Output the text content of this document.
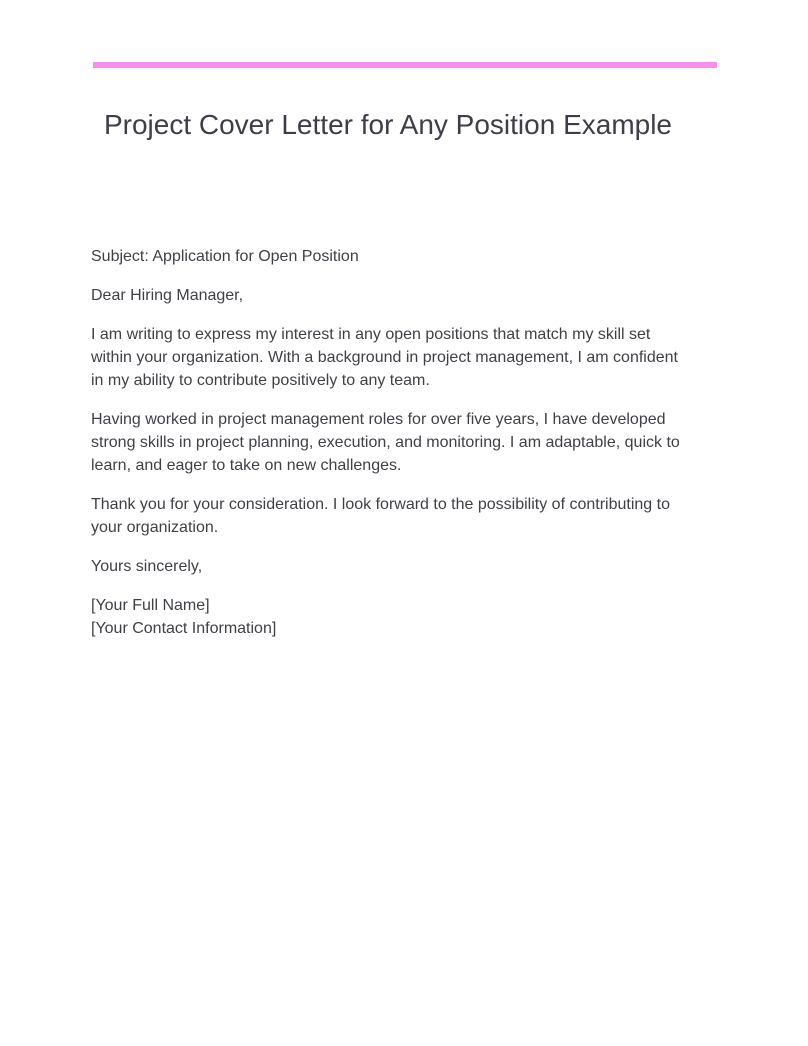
Project Cover Letter for Any Position Example

Subject: Application for Open Position

Dear Hiring Manager,

I am writing to express my interest in any open positions that match my skill set within your organization. With a background in project management, I am confident in my ability to contribute positively to any team.

Having worked in project management roles for over five years, I have developed strong skills in project planning, execution, and monitoring. I am adaptable, quick to learn, and eager to take on new challenges.

Thank you for your consideration. I look forward to the possibility of contributing to your organization.

Yours sincerely,

[Your Full Name]
[Your Contact Information]
